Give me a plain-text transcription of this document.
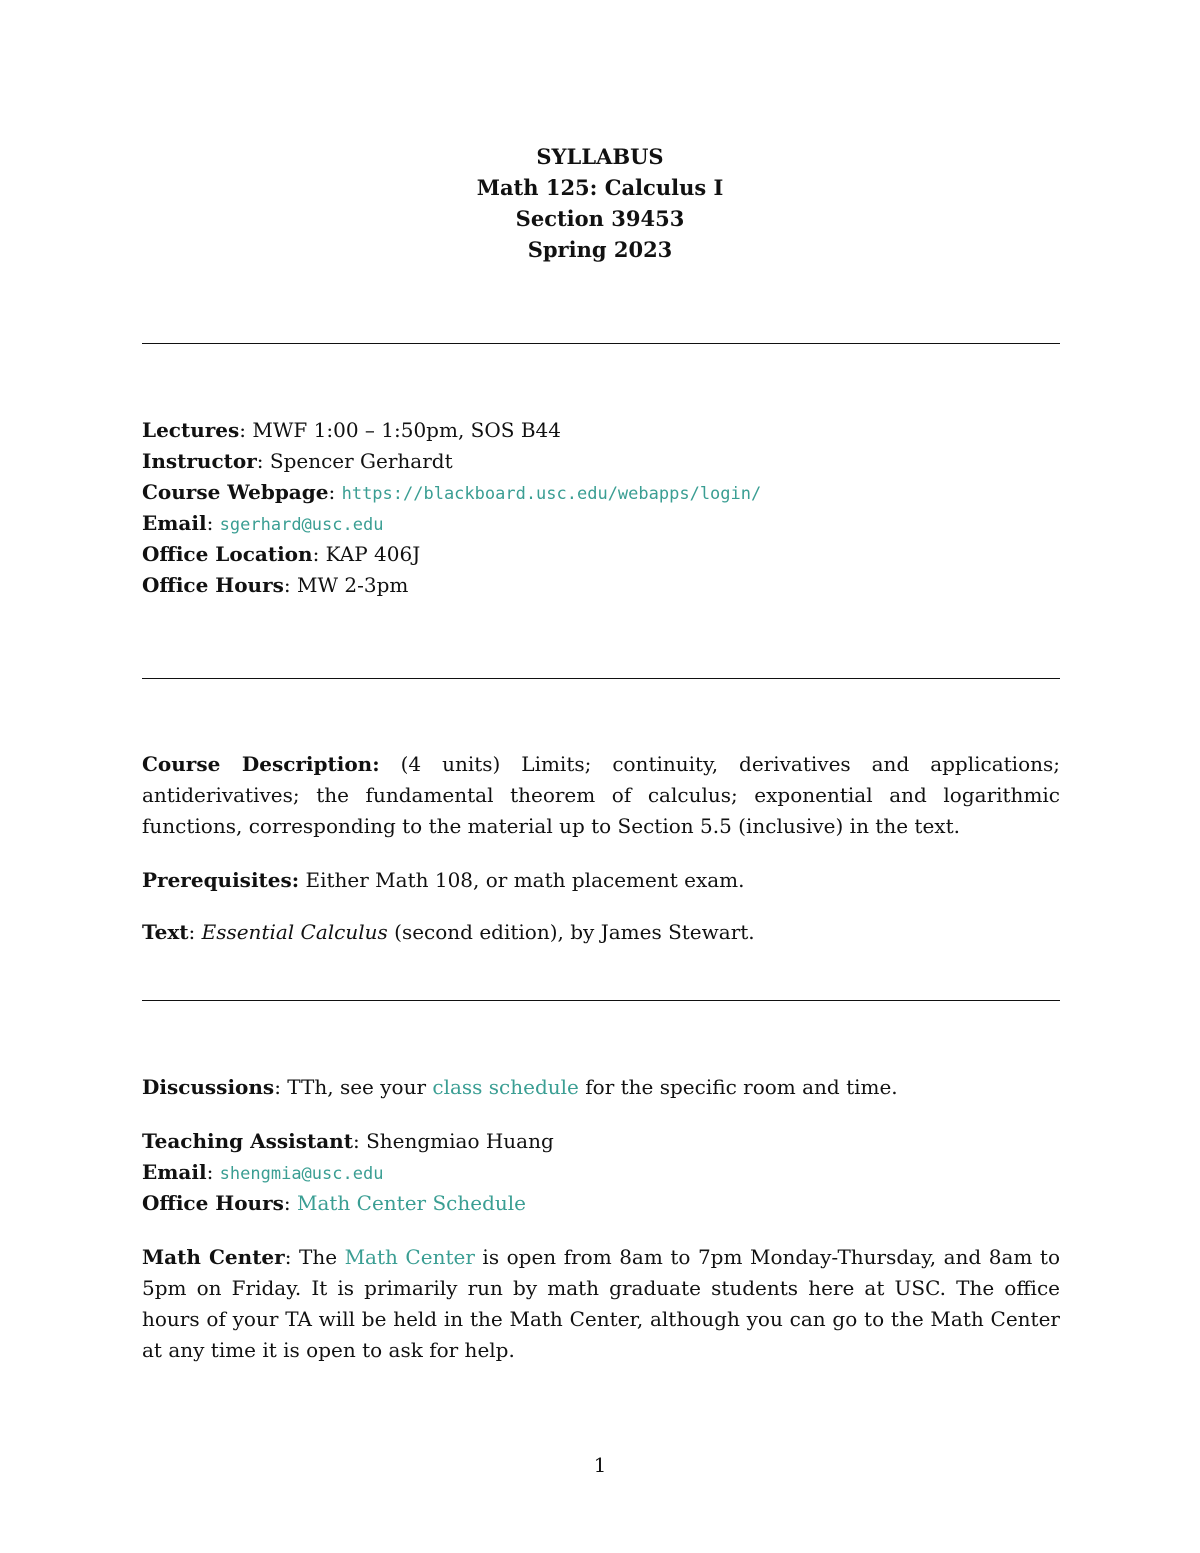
SYLLABUS
Math 125: Calculus I
Section 39453
Spring 2023
Lectures: MWF 1:00 – 1:50pm, SOS B44
Instructor: Spencer Gerhardt
Course Webpage: https://blackboard.usc.edu/webapps/login/
Email: sgerhard@usc.edu
Office Location: KAP 406J
Office Hours: MW 2-3pm

Course Description: (4 units) Limits; continuity, derivatives and applications; antiderivatives; the fundamental theorem of calculus; exponential and logarithmic functions, corresponding to the material up to Section 5.5 (inclusive) in the text.

Prerequisites: Either Math 108, or math placement exam.

Text: Essential Calculus (second edition), by James Stewart.

Discussions: TTh, see your class schedule for the specific room and time.

Teaching Assistant: Shengmiao Huang
Email: shengmia@usc.edu
Office Hours: Math Center Schedule

Math Center: The Math Center is open from 8am to 7pm Monday-Thursday, and 8am to 5pm on Friday. It is primarily run by math graduate students here at USC. The office hours of your TA will be held in the Math Center, although you can go to the Math Center at any time it is open to ask for help.

1
